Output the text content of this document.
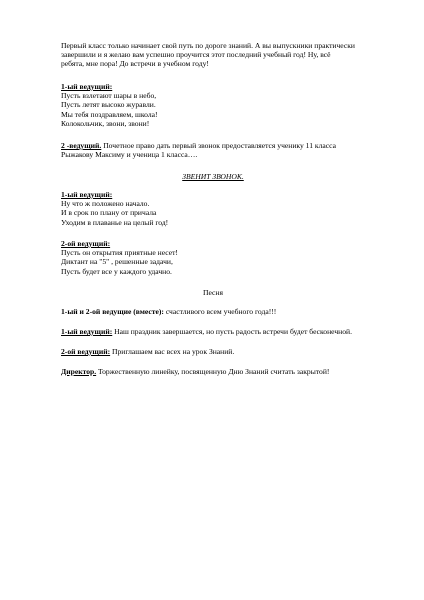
Первый класс только начинает свой путь по дороге знаний. А вы выпускники практически

завершили и я желаю вам успешно проучится этот последний учебный год! Ну, всё

ребята, мне пора! До встречи в учебном году!

1-ый ведущий:

Пусть взлетают шары в небо,

Пусть летят высоко журавли.

Мы тебя поздравляем, школа!

Колокольчик, звони, звони!

2 -ведущий. Почетное право дать первый звонок предоставляется ученику 11 класса

Рыжакову Максиму и ученица 1 класса….

ЗВЕНИТ ЗВОНОК.

1-ый ведущий:

Ну что ж положено начало.

И в срок по плану от причала

Уходим в плаванье на целый год!

2-ой ведущий:

Пусть он открытия приятные несет!

Диктант на "5" , решенные задачи,

Пусть будет все у каждого удачно.

Песня

1-ый и 2-ой ведущие (вместе): счастливого всем учебного года!!!

1-ый ведущий: Наш праздник завершается, но пусть радость встречи будет бесконечной.

2-ой ведущий: Приглашаем вас всех на урок Знаний.

Директор. Торжественную линейку, посвященную Дню Знаний считать закрытой!
